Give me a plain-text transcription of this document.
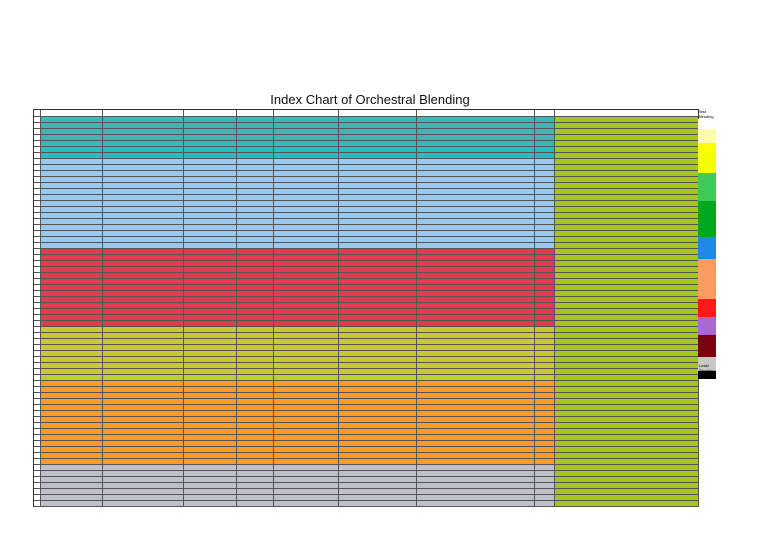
Index Chart of Orchestral Blending
Best Blending
Least Blending
